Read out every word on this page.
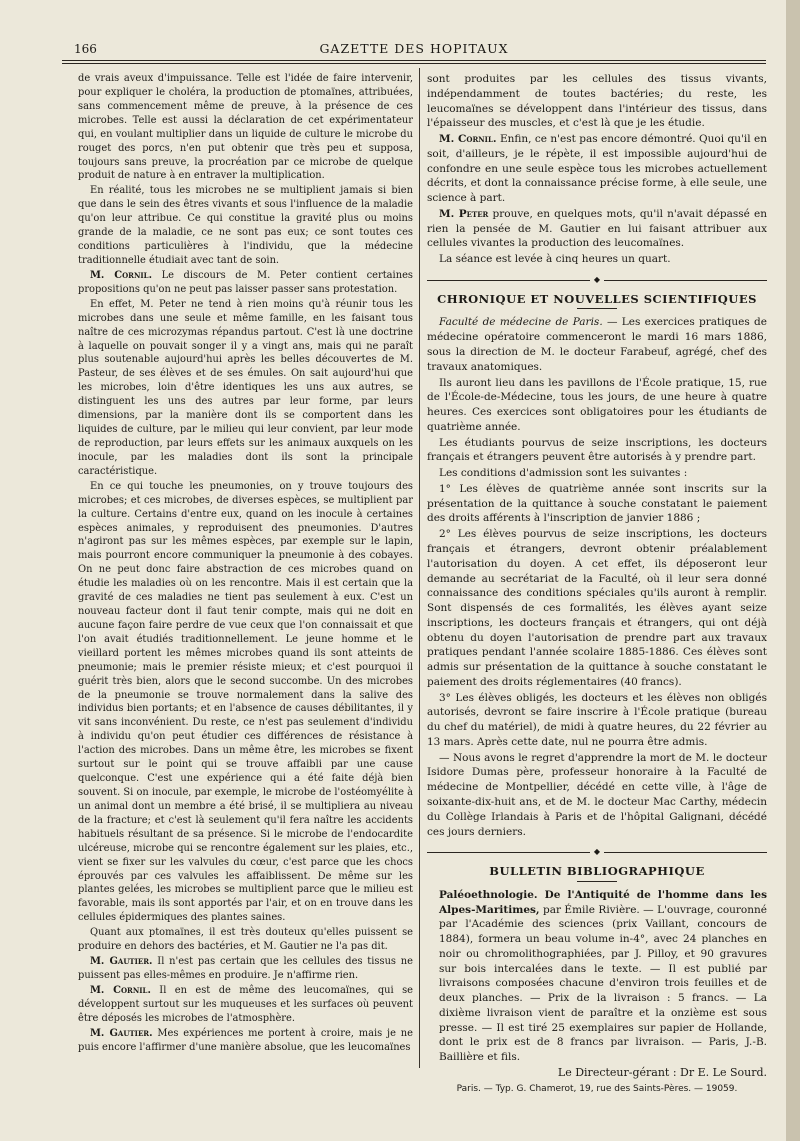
166	GAZETTE DES HOPITAUX

de vrais aveux d'impuissance. Telle est l'idée de faire intervenir, pour expliquer le choléra, la production de ptomaïnes, attribuées, sans commencement même de preuve, à la présence de ces microbes. Telle est aussi la déclaration de cet expérimentateur qui, en voulant multiplier dans un liquide de culture le microbe du rouget des porcs, n'en put obtenir que très peu et supposa, toujours sans preuve, la procréation par ce microbe de quelque produit de nature à en entraver la multiplication.

En réalité, tous les microbes ne se multiplient jamais si bien que dans le sein des êtres vivants et sous l'influence de la maladie qu'on leur attribue. Ce qui constitue la gravité plus ou moins grande de la maladie, ce ne sont pas eux; ce sont toutes ces conditions particulières à l'individu, que la médecine traditionnelle étudiait avec tant de soin.

M. Cornil. Le discours de M. Peter contient certaines propositions qu'on ne peut pas laisser passer sans protestation.

En effet, M. Peter ne tend à rien moins qu'à réunir tous les microbes dans une seule et même famille, en les faisant tous naître de ces microzymas répandus partout. C'est là une doctrine à laquelle on pouvait songer il y a vingt ans, mais qui ne paraît plus soutenable aujourd'hui après les belles découvertes de M. Pasteur, de ses élèves et de ses émules. On sait aujourd'hui que les microbes, loin d'être identiques les uns aux autres, se distinguent les uns des autres par leur forme, par leurs dimensions, par la manière dont ils se comportent dans les liquides de culture, par le milieu qui leur convient, par leur mode de reproduction, par leurs effets sur les animaux auxquels on les inocule, par les maladies dont ils sont la principale caractéristique.

En ce qui touche les pneumonies, on y trouve toujours des microbes; et ces microbes, de diverses espèces, se multiplient par la culture. Certains d'entre eux, quand on les inocule à certaines espèces animales, y reproduisent des pneumonies. D'autres n'agiront pas sur les mêmes espèces, par exemple sur le lapin, mais pourront encore communiquer la pneumonie à des cobayes. On ne peut donc faire abstraction de ces microbes quand on étudie les maladies où on les rencontre. Mais il est certain que la gravité de ces maladies ne tient pas seulement à eux. C'est un nouveau facteur dont il faut tenir compte, mais qui ne doit en aucune façon faire perdre de vue ceux que l'on connaissait et que l'on avait étudiés traditionnellement. Le jeune homme et le vieillard portent les mêmes microbes quand ils sont atteints de pneumonie; mais le premier résiste mieux; et c'est pourquoi il guérit très bien, alors que le second succombe. Un des microbes de la pneumonie se trouve normalement dans la salive des individus bien portants; et en l'absence de causes débilitantes, il y vit sans inconvénient. Du reste, ce n'est pas seulement d'individu à individu qu'on peut étudier ces différences de résistance à l'action des microbes. Dans un même être, les microbes se fixent surtout sur le point qui se trouve affaibli par une cause quelconque. C'est une expérience qui a été faite déjà bien souvent. Si on inocule, par exemple, le microbe de l'ostéomyélite à un animal dont un membre a été brisé, il se multipliera au niveau de la fracture; et c'est là seulement qu'il fera naître les accidents habituels résultant de sa présence. Si le microbe de l'endocardite ulcéreuse, microbe qui se rencontre également sur les plaies, etc., vient se fixer sur les valvules du cœur, c'est parce que les chocs éprouvés par ces valvules les affaiblissent. De même sur les plantes gelées, les microbes se multiplient parce que le milieu est favorable, mais ils sont apportés par l'air, et on en trouve dans les cellules épidermiques des plantes saines.

Quant aux ptomaïnes, il est très douteux qu'elles puissent se produire en dehors des bactéries, et M. Gautier ne l'a pas dit.

M. Gautier. Il n'est pas certain que les cellules des tissus ne puissent pas elles-mêmes en produire. Je n'affirme rien.

M. Cornil. Il en est de même des leucomaïnes, qui se développent surtout sur les muqueuses et les surfaces où peuvent être déposés les microbes de l'atmosphère.

M. Gautier. Mes expériences me portent à croire, mais je ne puis encore l'affirmer d'une manière absolue, que les leucomaïnes

sont produites par les cellules des tissus vivants, indépendamment de toutes bactéries; du reste, les leucomaïnes se développent dans l'intérieur des tissus, dans l'épaisseur des muscles, et c'est là que je les étudie.

M. Cornil. Enfin, ce n'est pas encore démontré. Quoi qu'il en soit, d'ailleurs, je le répète, il est impossible aujourd'hui de confondre en une seule espèce tous les microbes actuellement décrits, et dont la connaissance précise forme, à elle seule, une science à part.

M. Peter prouve, en quelques mots, qu'il n'avait dépassé en rien la pensée de M. Gautier en lui faisant attribuer aux cellules vivantes la production des leucomaïnes.

La séance est levée à cinq heures un quart.

◆

CHRONIQUE ET NOUVELLES SCIENTIFIQUES

Faculté de médecine de Paris. — Les exercices pratiques de médecine opératoire commenceront le mardi 16 mars 1886, sous la direction de M. le docteur Farabeuf, agrégé, chef des travaux anatomiques.

Ils auront lieu dans les pavillons de l'École pratique, 15, rue de l'École-de-Médecine, tous les jours, de une heure à quatre heures. Ces exercices sont obligatoires pour les étudiants de quatrième année.

Les étudiants pourvus de seize inscriptions, les docteurs français et étrangers peuvent être autorisés à y prendre part.

Les conditions d'admission sont les suivantes :

1° Les élèves de quatrième année sont inscrits sur la présentation de la quittance à souche constatant le paiement des droits afférents à l'inscription de janvier 1886 ;

2° Les élèves pourvus de seize inscriptions, les docteurs français et étrangers, devront obtenir préalablement l'autorisation du doyen. A cet effet, ils déposeront leur demande au secrétariat de la Faculté, où il leur sera donné connaissance des conditions spéciales qu'ils auront à remplir. Sont dispensés de ces formalités, les élèves ayant seize inscriptions, les docteurs français et étrangers, qui ont déjà obtenu du doyen l'autorisation de prendre part aux travaux pratiques pendant l'année scolaire 1885-1886. Ces élèves sont admis sur présentation de la quittance à souche constatant le paiement des droits réglementaires (40 francs).

3° Les élèves obligés, les docteurs et les élèves non obligés autorisés, devront se faire inscrire à l'École pratique (bureau du chef du matériel), de midi à quatre heures, du 22 février au 13 mars. Après cette date, nul ne pourra être admis.

— Nous avons le regret d'apprendre la mort de M. le docteur Isidore Dumas père, professeur honoraire à la Faculté de médecine de Montpellier, décédé en cette ville, à l'âge de soixante-dix-huit ans, et de M. le docteur Mac Carthy, médecin du Collège Irlandais à Paris et de l'hôpital Galignani, décédé ces jours derniers.

◆

BULLETIN BIBLIOGRAPHIQUE

Paléoethnologie. De l'Antiquité de l'homme dans les Alpes-Maritimes, par Émile Rivière. — L'ouvrage, couronné par l'Académie des sciences (prix Vaillant, concours de 1884), formera un beau volume in-4°, avec 24 planches en noir ou chromolithographiées, par J. Pilloy, et 90 gravures sur bois intercalées dans le texte. — Il est publié par livraisons composées chacune d'environ trois feuilles et de deux planches. — Prix de la livraison : 5 francs. — La dixième livraison vient de paraître et la onzième est sous presse. — Il est tiré 25 exemplaires sur papier de Hollande, dont le prix est de 8 francs par livraison. — Paris, J.-B. Baillière et fils.

Le Directeur-gérant : Dr E. Le Sourd.

Paris. — Typ. G. Chamerot, 19, rue des Saints-Pères. — 19059.
